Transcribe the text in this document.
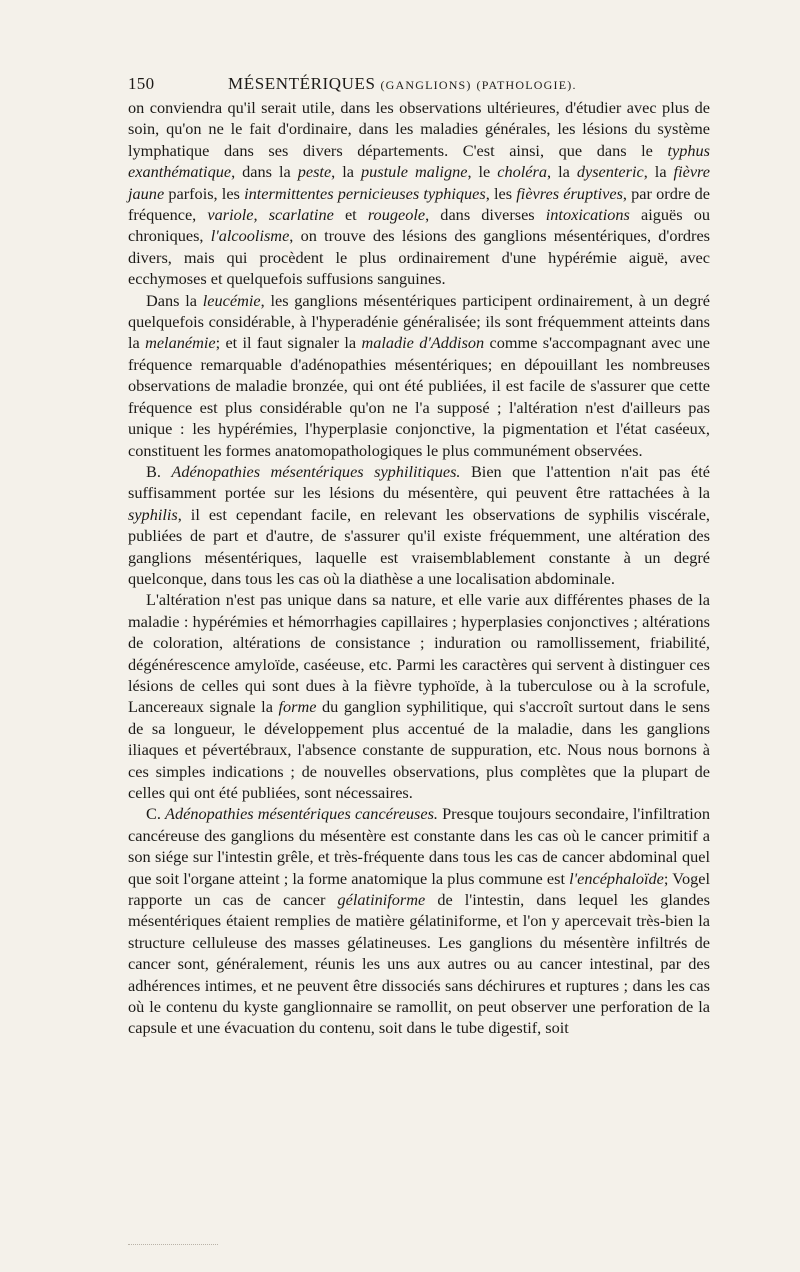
150	MÉSENTÉRIQUES (GANGLIONS) (PATHOLOGIE).

on conviendra qu'il serait utile, dans les observations ultérieures, d'étudier avec plus de soin, qu'on ne le fait d'ordinaire, dans les maladies générales, les lésions du système lymphatique dans ses divers départements. C'est ainsi, que dans le typhus exanthématique, dans la peste, la pustule maligne, le choléra, la dysenteric, la fièvre jaune parfois, les intermittentes pernicieuses typhiques, les fièvres éruptives, par ordre de fréquence, variole, scarlatine et rougeole, dans diverses intoxications aiguës ou chroniques, l'alcoolisme, on trouve des lésions des ganglions mésentériques, d'ordres divers, mais qui procèdent le plus ordinairement d'une hypérémie aiguë, avec ecchymoses et quelquefois suffusions sanguines.

Dans la leucémie, les ganglions mésentériques participent ordinairement, à un degré quelquefois considérable, à l'hyperadénie généralisée; ils sont fréquemment atteints dans la melanémie; et il faut signaler la maladie d'Addison comme s'accompagnant avec une fréquence remarquable d'adénopathies mésentériques; en dépouillant les nombreuses observations de maladie bronzée, qui ont été publiées, il est facile de s'assurer que cette fréquence est plus considérable qu'on ne l'a supposé ; l'altération n'est d'ailleurs pas unique : les hypérémies, l'hyperplasie conjonctive, la pigmentation et l'état caséeux, constituent les formes anatomopathologiques le plus communément observées.

B. Adénopathies mésentériques syphilitiques. Bien que l'attention n'ait pas été suffisamment portée sur les lésions du mésentère, qui peuvent être rattachées à la syphilis, il est cependant facile, en relevant les observations de syphilis viscérale, publiées de part et d'autre, de s'assurer qu'il existe fréquemment, une altération des ganglions mésentériques, laquelle est vraisemblablement constante à un degré quelconque, dans tous les cas où la diathèse a une localisation abdominale.

L'altération n'est pas unique dans sa nature, et elle varie aux différentes phases de la maladie : hypérémies et hémorrhagies capillaires ; hyperplasies conjonctives ; altérations de coloration, altérations de consistance ; induration ou ramollissement, friabilité, dégénérescence amyloïde, caséeuse, etc. Parmi les caractères qui servent à distinguer ces lésions de celles qui sont dues à la fièvre typhoïde, à la tuberculose ou à la scrofule, Lancereaux signale la forme du ganglion syphilitique, qui s'accroît surtout dans le sens de sa longueur, le développement plus accentué de la maladie, dans les ganglions iliaques et pévertébraux, l'absence constante de suppuration, etc. Nous nous bornons à ces simples indications ; de nouvelles observations, plus complètes que la plupart de celles qui ont été publiées, sont nécessaires.

C. Adénopathies mésentériques cancéreuses. Presque toujours secondaire, l'infiltration cancéreuse des ganglions du mésentère est constante dans les cas où le cancer primitif a son siége sur l'intestin grêle, et très-fréquente dans tous les cas de cancer abdominal quel que soit l'organe atteint ; la forme anatomique la plus commune est l'encéphaloïde; Vogel rapporte un cas de cancer gélatiniforme de l'intestin, dans lequel les glandes mésentériques étaient remplies de matière gélatiniforme, et l'on y apercevait très-bien la structure celluleuse des masses gélatineuses. Les ganglions du mésentère infiltrés de cancer sont, généralement, réunis les uns aux autres ou au cancer intestinal, par des adhérences intimes, et ne peuvent être dissociés sans déchirures et ruptures ; dans les cas où le contenu du kyste ganglionnaire se ramollit, on peut observer une perforation de la capsule et une évacuation du contenu, soit dans le tube digestif, soit
